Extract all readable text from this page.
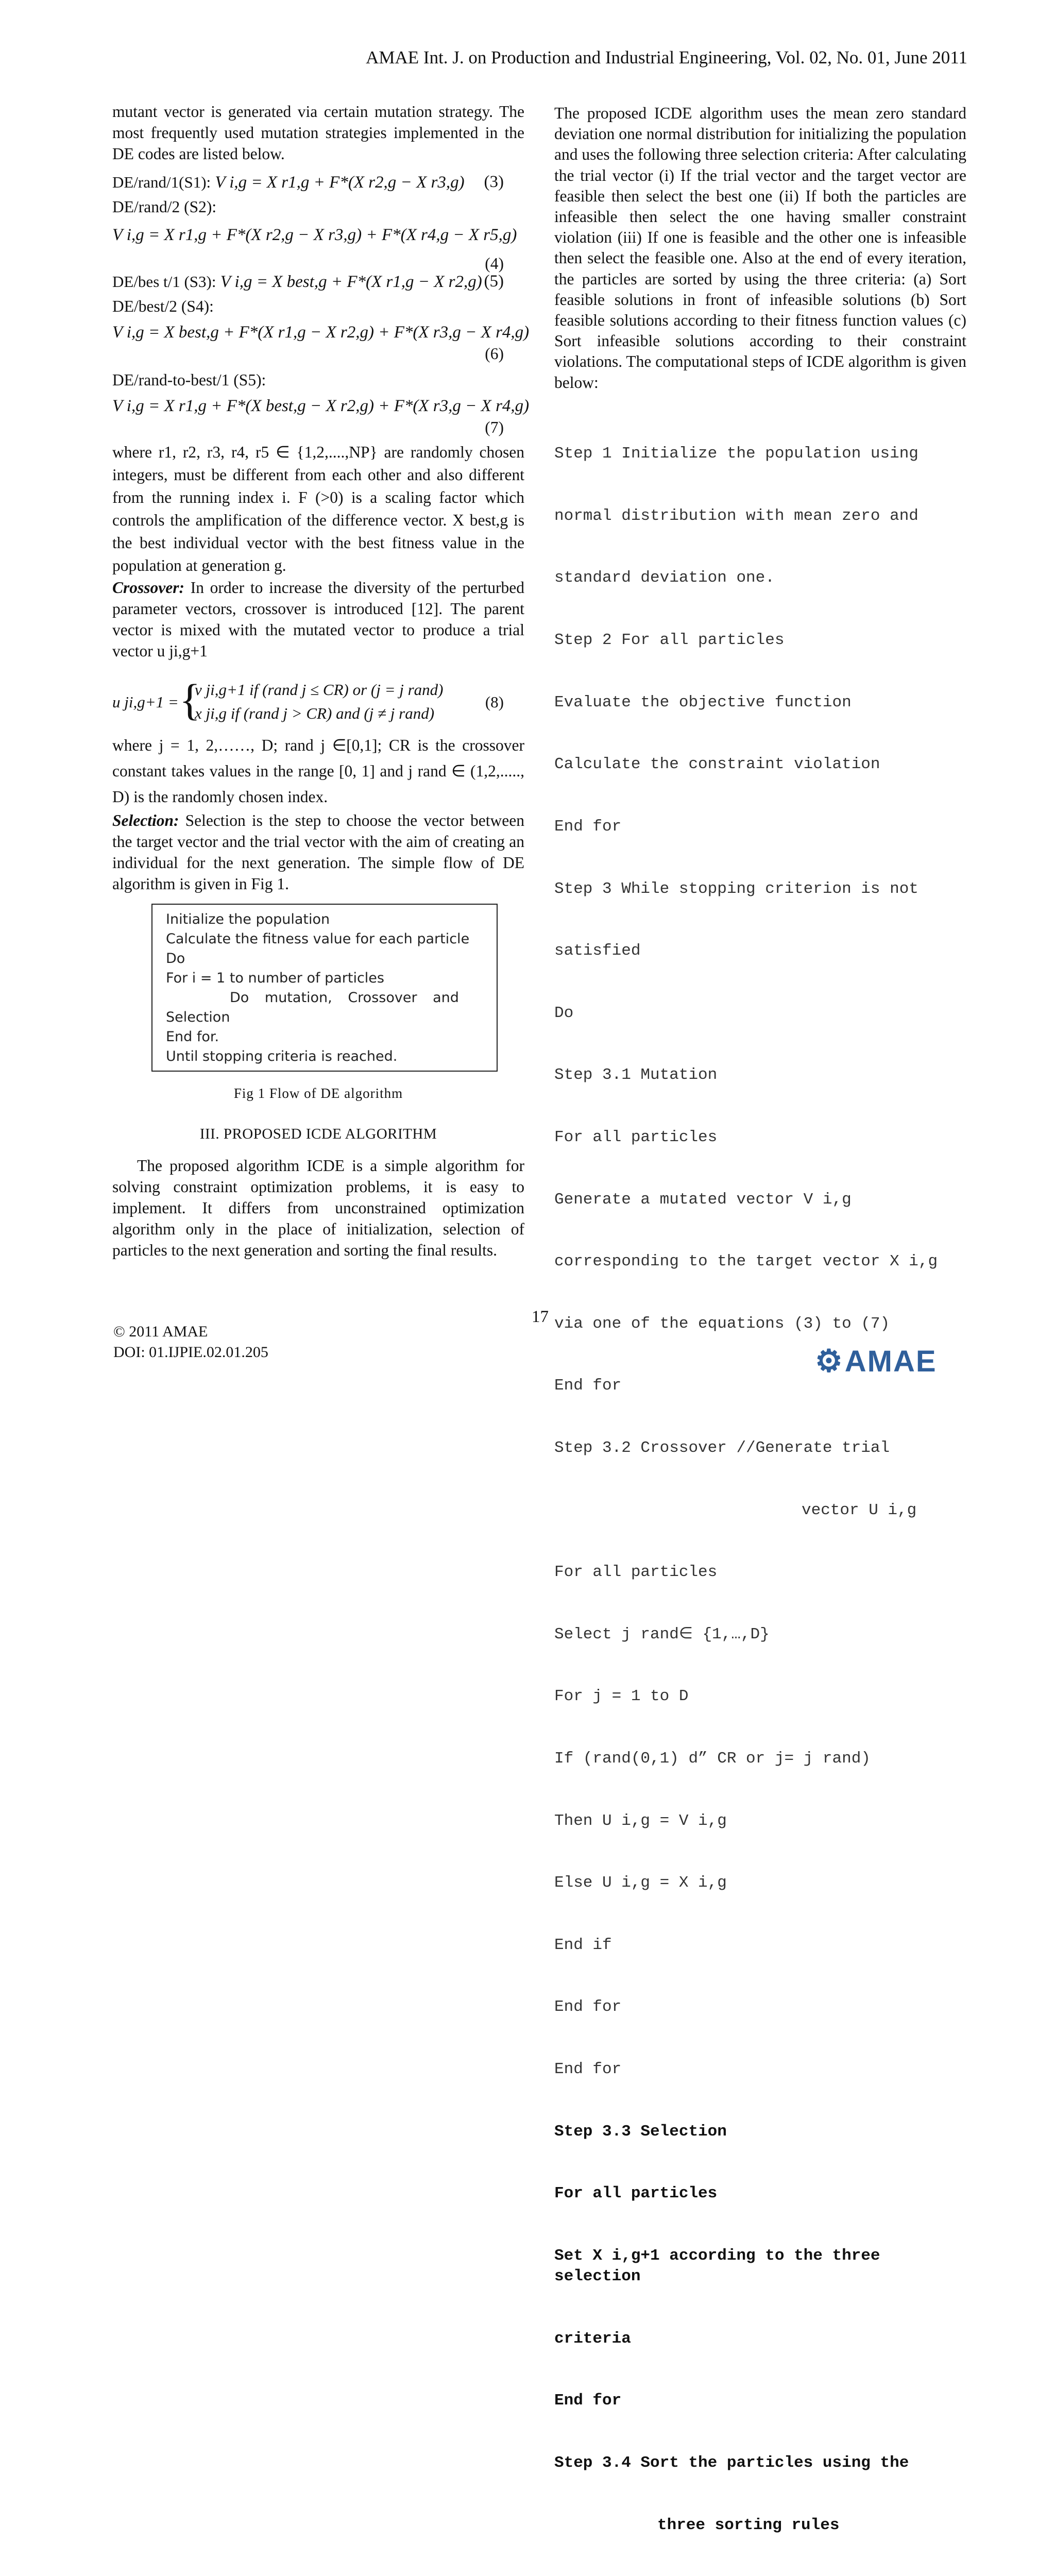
AMAE Int. J. on Production and Industrial Engineering, Vol. 02, No. 01, June 2011

mutant vector is generated via certain mutation strategy. The most frequently used mutation strategies implemented in the DE codes are listed below.

DE/rand/1(S1): V i,g = X r1,g + F*(X r2,g − X r3,g) (3)
DE/rand/2 (S2):
V i,g = X r1,g + F*(X r2,g − X r3,g) + F*(X r4,g − X r5,g)
(4)
DE/bes t/1 (S3): V i,g = X best,g + F*(X r1,g − X r2,g) (5)
DE/best/2 (S4):
V i,g = X best,g + F*(X r1,g − X r2,g) + F*(X r3,g − X r4,g)
(6)
DE/rand-to-best/1 (S5):
V i,g = X r1,g + F*(X best,g − X r2,g) + F*(X r3,g − X r4,g)
(7)

where r1, r2, r3, r4, r5 ∈ {1,2,....,NP} are randomly chosen integers, must be different from each other and also different from the running index i. F (>0) is a scaling factor which controls the amplification of the difference vector. X best,g is the best individual vector with the best fitness value in the population at generation g.

Crossover: In order to increase the diversity of the perturbed parameter vectors, crossover is introduced [12]. The parent vector is mixed with the mutated vector to produce a trial vector u ji,g+1

u ji,g+1 = {
v ji,g+1 if (rand j ≤ CR) or (j = j rand)
x ji,g if (rand j > CR) and (j ≠ j rand)
(8)

where j = 1, 2,……, D; rand j ∈[0,1]; CR is the crossover constant takes values in the range [0, 1] and j rand ∈ (1,2,....., D) is the randomly chosen index.

Selection: Selection is the step to choose the vector between the target vector and the trial vector with the aim of creating an individual for the next generation. The simple flow of DE algorithm is given in Fig 1.

Initialize the population
Calculate the fitness value for each particle
Do
For i = 1 to number of particles
Do mutation, Crossover and
Selection
End for.
Until stopping criteria is reached.
Fig 1 Flow of DE algorithm
III. PROPOSED ICDE ALGORITHM

The proposed algorithm ICDE is a simple algorithm for solving constraint optimization problems, it is easy to implement. It differs from unconstrained optimization algorithm only in the place of initialization, selection of particles to the next generation and sorting the final results.

The proposed ICDE algorithm uses the mean zero standard deviation one normal distribution for initializing the population and uses the following three selection criteria: After calculating the trial vector (i) If the trial vector and the target vector are feasible then select the best one (ii) If both the particles are infeasible then select the one having smaller constraint violation (iii) If one is feasible and the other one is infeasible then select the feasible one. Also at the end of every iteration, the particles are sorted by using the three criteria: (a) Sort feasible solutions in front of infeasible solutions (b) Sort feasible solutions according to their fitness function values (c) Sort infeasible solutions according to their constraint violations. The computational steps of ICDE algorithm is given below:

Step 1 Initialize the population using

normal distribution with mean zero and

standard deviation one.

Step 2 For all particles

Evaluate the objective function

Calculate the constraint violation

End for

Step 3 While stopping criterion is not

satisfied

Do

Step 3.1 Mutation

For all particles

Generate a mutated vector V i,g

corresponding to the target vector X i,g

via one of the equations (3) to (7)

End for

Step 3.2 Crossover //Generate trial

vector U i,g

For all particles

Select j rand∈ {1,…,D}

For j = 1 to D

If (rand(0,1) d” CR or j= j rand)

Then U i,g = V i,g

Else U i,g = X i,g

End if

End for

End for

Step 3.3 Selection

For all particles

Set X i,g+1 according to the three selection

criteria

End for

Step 3.4 Sort the particles using the

three sorting rules

17
© 2011 AMAE
DOI: 01.IJPIE.02.01.205	⚙ AMAE
